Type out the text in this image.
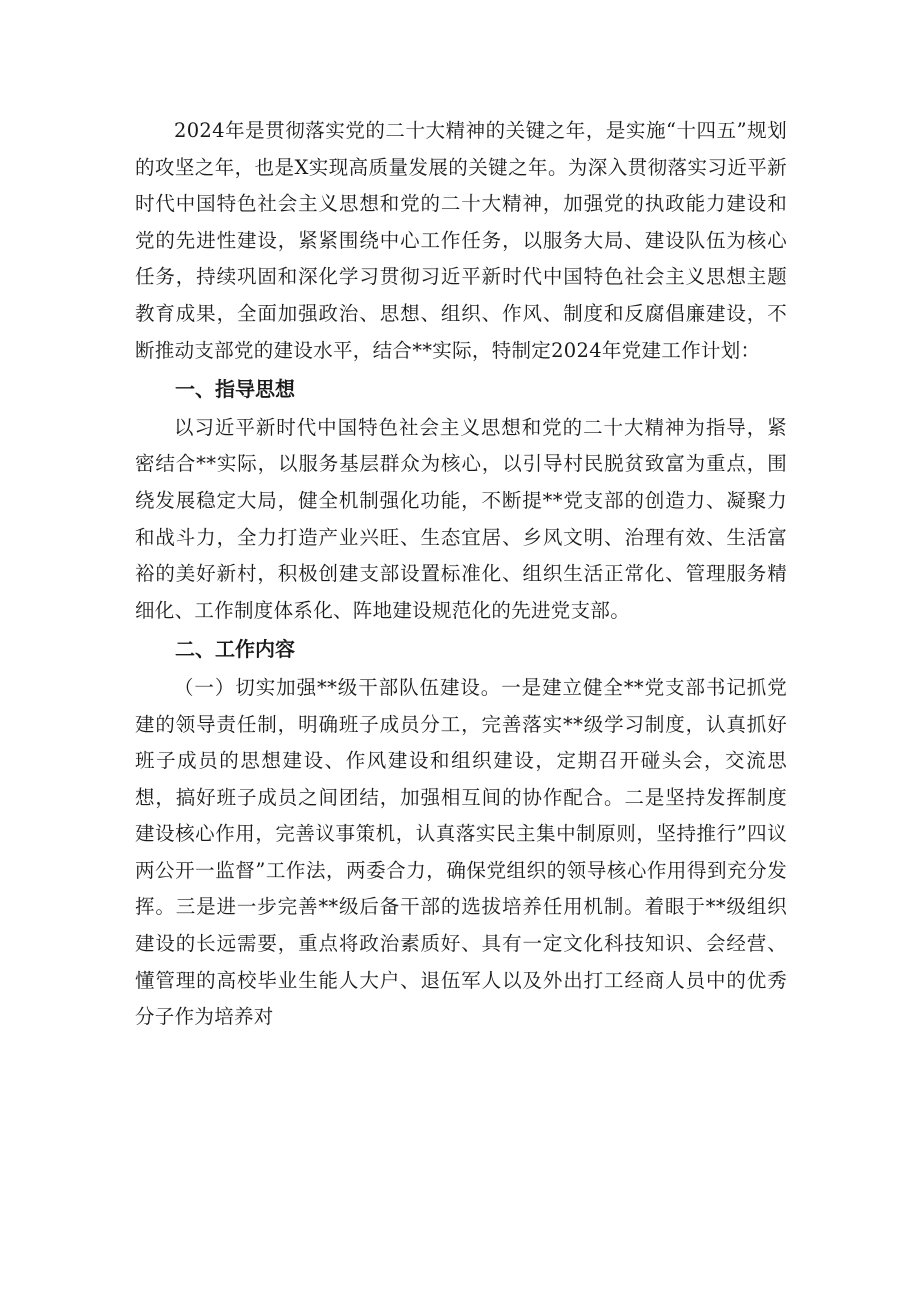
2024年是贯彻落实党的二十大精神的关键之年，是实施“十四五”规划的攻坚之年，也是X实现高质量发展的关键之年。为深入贯彻落实习近平新时代中国特色社会主义思想和党的二十大精神，加强党的执政能力建设和党的先进性建设，紧紧围绕中心工作任务，以服务大局、建设队伍为核心任务，持续巩固和深化学习贯彻习近平新时代中国特色社会主义思想主题教育成果，全面加强政治、思想、组织、作风、制度和反腐倡廉建设，不断推动支部党的建设水平，结合**实际，特制定2024年党建工作计划：

一、指导思想

以习近平新时代中国特色社会主义思想和党的二十大精神为指导，紧密结合**实际，以服务基层群众为核心，以引导村民脱贫致富为重点，围绕发展稳定大局，健全机制强化功能，不断提**党支部的创造力、凝聚力和战斗力，全力打造产业兴旺、生态宜居、乡风文明、治理有效、生活富裕的美好新村，积极创建支部设置标准化、组织生活正常化、管理服务精细化、工作制度体系化、阵地建设规范化的先进党支部。

二、工作内容

（一）切实加强**级干部队伍建设。一是建立健全**党支部书记抓党建的领导责任制，明确班子成员分工，完善落实**级学习制度，认真抓好班子成员的思想建设、作风建设和组织建设，定期召开碰头会，交流思想，搞好班子成员之间团结，加强相互间的协作配合。二是坚持发挥制度建设核心作用，完善议事策机，认真落实民主集中制原则，坚持推行”四议两公开一监督”工作法，两委合力，确保党组织的领导核心作用得到充分发挥。三是进一步完善**级后备干部的选拔培养任用机制。着眼于**级组织建设的长远需要，重点将政治素质好、具有一定文化科技知识、会经营、懂管理的高校毕业生能人大户、退伍军人以及外出打工经商人员中的优秀分子作为培养对
